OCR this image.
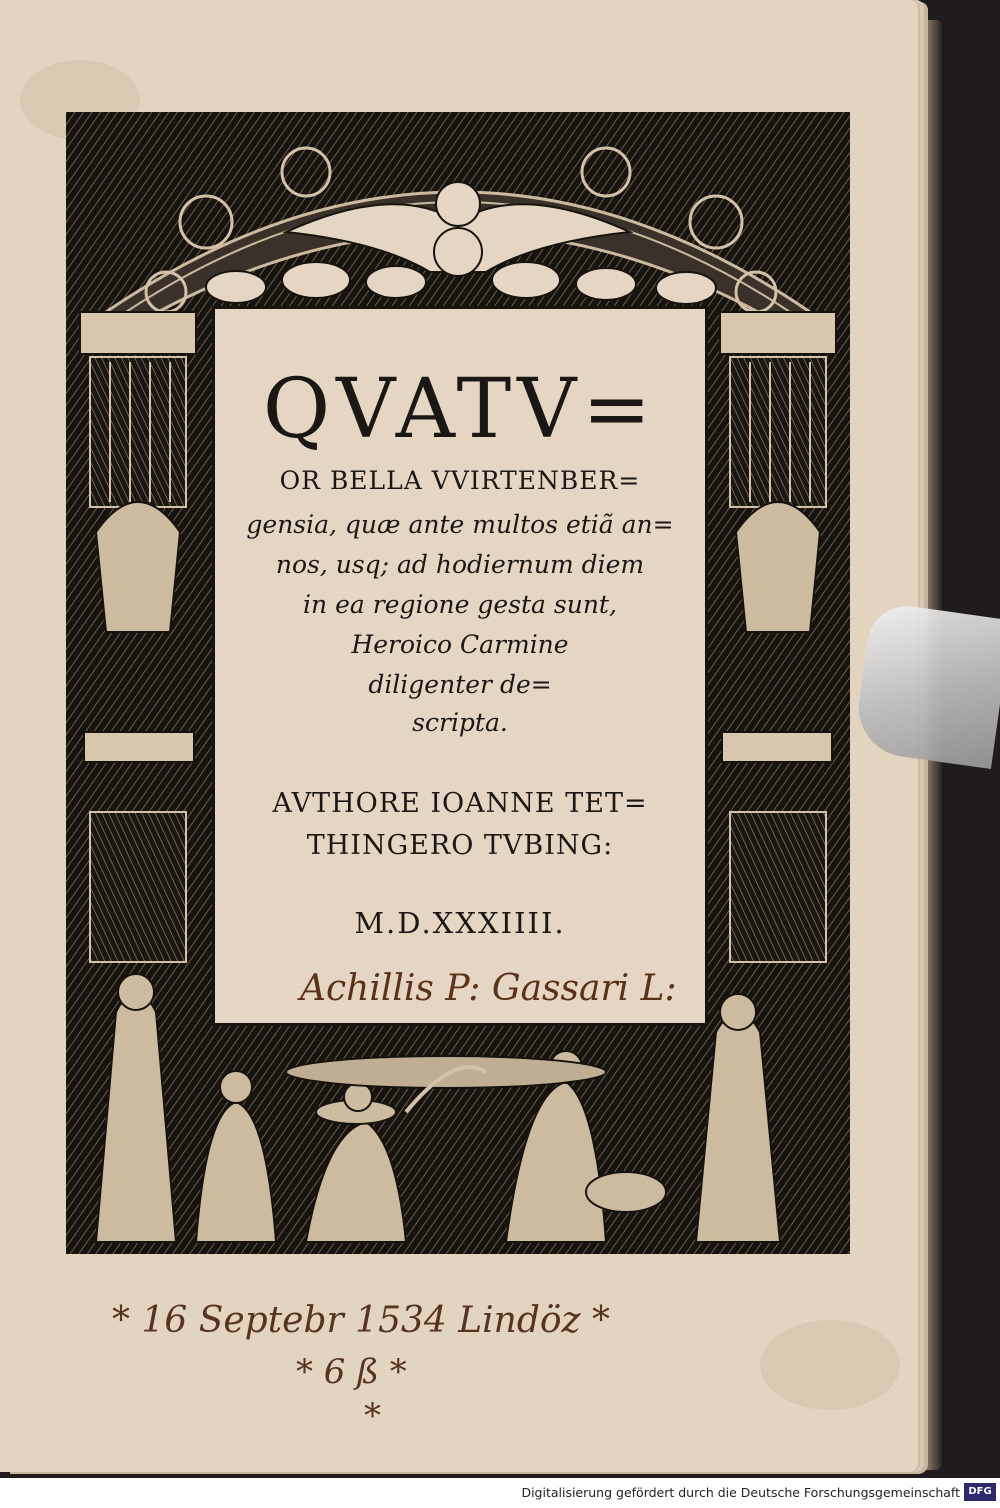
QVATV=
OR BELLA VVIRTENBER=
gensia, quæ ante multos etiã an=
nos, usq; ad hodiernum diem
in ea regione gesta sunt,
Heroico Carmine
diligenter de=
scripta.
AVTHORE IOANNE TET=
THINGERO TVBING:
M.D.XXXIIII.
Achillis P: Gassari L:
* 16 Septebr 1534 Lindöz *
* 6 ß *
*
Digitalisierung gefördert durch die Deutsche Forschungsgemeinschaft DFG
